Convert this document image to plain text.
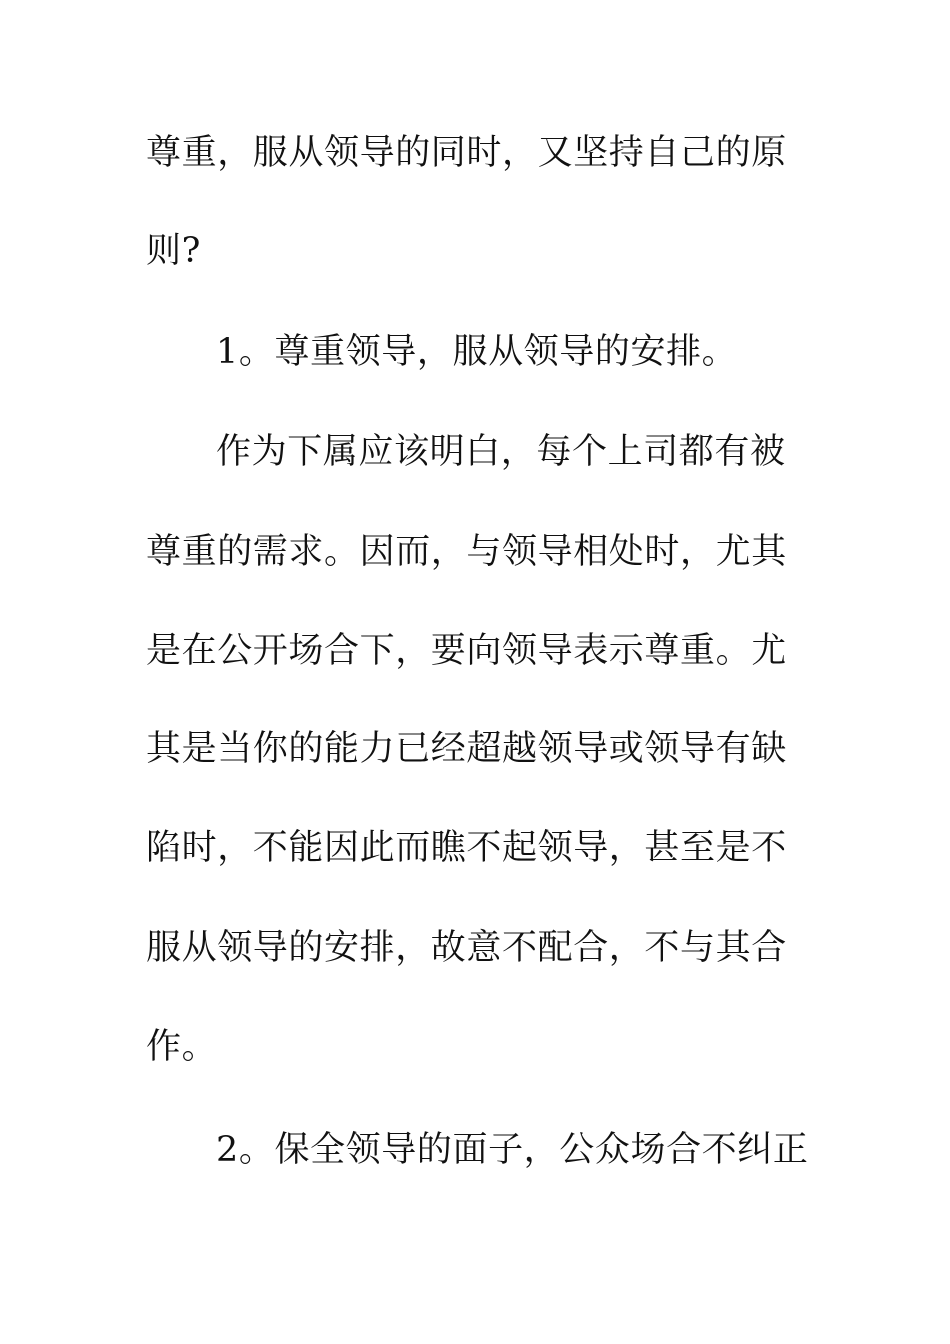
尊重，服从领导的同时，又坚持自己的原
则?
1。尊重领导，服从领导的安排。
作为下属应该明白，每个上司都有被
尊重的需求。因而，与领导相处时，尤其
是在公开场合下，要向领导表示尊重。尤
其是当你的能力已经超越领导或领导有缺
陷时，不能因此而瞧不起领导，甚至是不
服从领导的安排，故意不配合，不与其合
作。
2。保全领导的面子，公众场合不纠正
